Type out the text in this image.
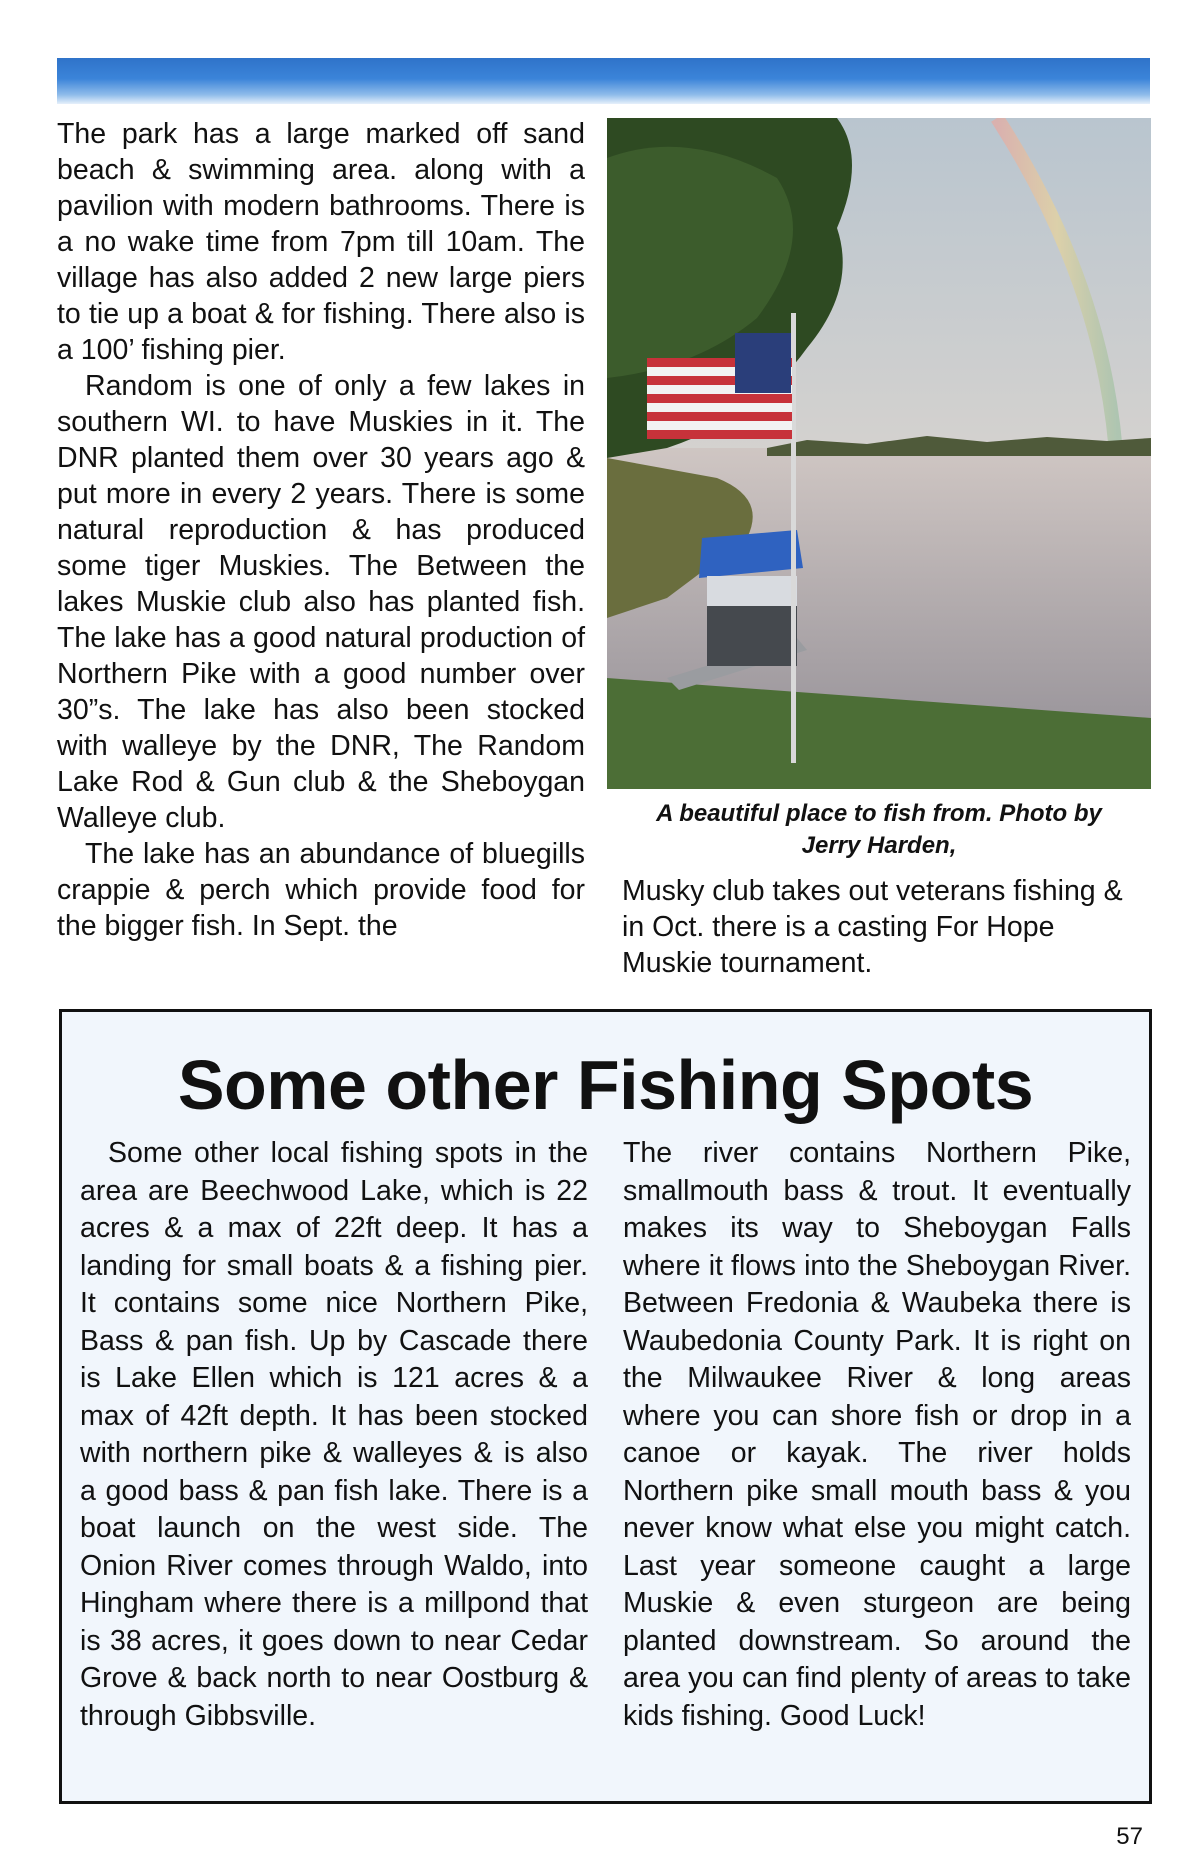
The park has a large marked off sand beach & swimming area. along with a pavilion with modern bathrooms. There is a no wake time from 7pm till 10am. The village has also added 2 new large piers to tie up a boat & for fishing. There also is a 100’ fishing pier.

Random is one of only a few lakes in southern WI. to have Muskies in it. The DNR planted them over 30 years ago & put more in every 2 years. There is some natural reproduction & has produced some tiger Muskies. The Between the lakes Muskie club also has planted fish. The lake has a good natural production of Northern Pike with a good number over 30”s. The lake has also been stocked with walleye by the DNR, The Random Lake Rod & Gun club & the Sheboygan Walleye club.

The lake has an abundance of bluegills crappie & perch which provide food for the bigger fish. In Sept. the

A beautiful place to fish from. Photo by
Jerry Harden,

Musky club takes out veterans fishing & in Oct. there is a casting For Hope Muskie tournament.

Some other Fishing Spots

Some other local fishing spots in the area are Beechwood Lake, which is 22 acres & a max of 22ft deep. It has a landing for small boats & a fishing pier. It contains some nice Northern Pike, Bass & pan fish. Up by Cascade there is Lake Ellen which is 121 acres & a max of 42ft depth. It has been stocked with northern pike & walleyes & is also a good bass & pan fish lake. There is a boat launch on the west side. The Onion River comes through Waldo, into Hingham where there is a millpond that is 38 acres, it goes down to near Cedar Grove & back north to near Oostburg & through Gibbsville.

The river contains Northern Pike, smallmouth bass & trout. It eventually makes its way to Sheboygan Falls where it flows into the Sheboygan River. Between Fredonia & Waubeka there is Waubedonia County Park. It is right on the Milwaukee River & long areas where you can shore fish or drop in a canoe or kayak. The river holds Northern pike small mouth bass & you never know what else you might catch. Last year someone caught a large Muskie & even sturgeon are being planted downstream. So around the area you can find plenty of areas to take kids fishing. Good Luck!

57
